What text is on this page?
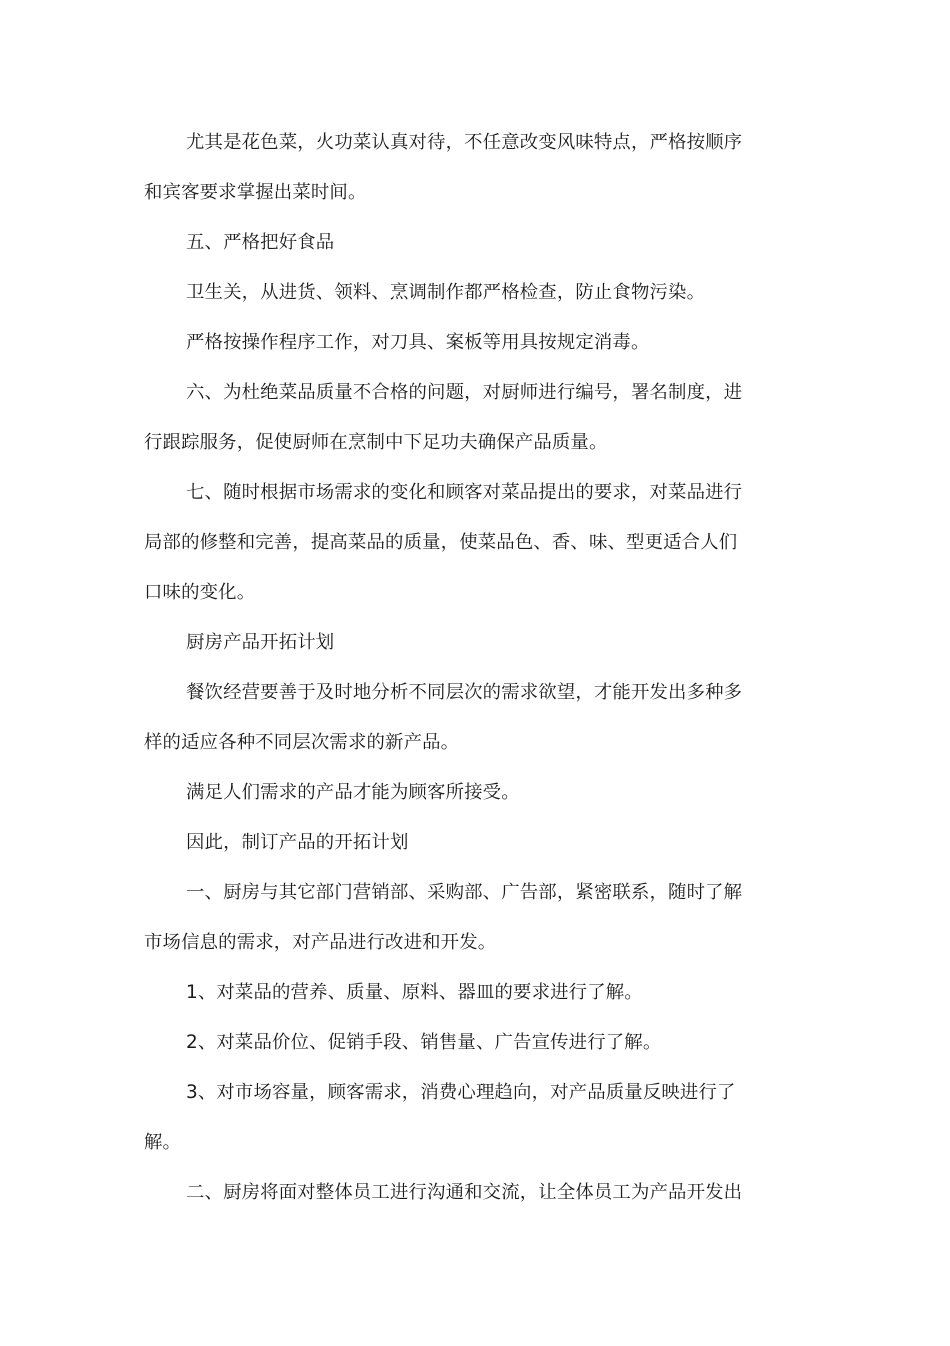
尤其是花色菜，火功菜认真对待，不任意改变风味特点，严格按顺序

和宾客要求掌握出菜时间。

五、严格把好食品

卫生关，从进货、领料、烹调制作都严格检查，防止食物污染。

严格按操作程序工作，对刀具、案板等用具按规定消毒。

六、为杜绝菜品质量不合格的问题，对厨师进行编号，署名制度，进

行跟踪服务，促使厨师在烹制中下足功夫确保产品质量。

七、随时根据市场需求的变化和顾客对菜品提出的要求，对菜品进行

局部的修整和完善，提高菜品的质量，使菜品色、香、味、型更适合人们

口味的变化。

厨房产品开拓计划

餐饮经营要善于及时地分析不同层次的需求欲望，才能开发出多种多

样的适应各种不同层次需求的新产品。

满足人们需求的产品才能为顾客所接受。

因此，制订产品的开拓计划

一、厨房与其它部门营销部、采购部、广告部，紧密联系，随时了解

市场信息的需求，对产品进行改进和开发。

1、对菜品的营养、质量、原料、器皿的要求进行了解。

2、对菜品价位、促销手段、销售量、广告宣传进行了解。

3、对市场容量，顾客需求，消费心理趋向，对产品质量反映进行了

解。

二、厨房将面对整体员工进行沟通和交流，让全体员工为产品开发出
